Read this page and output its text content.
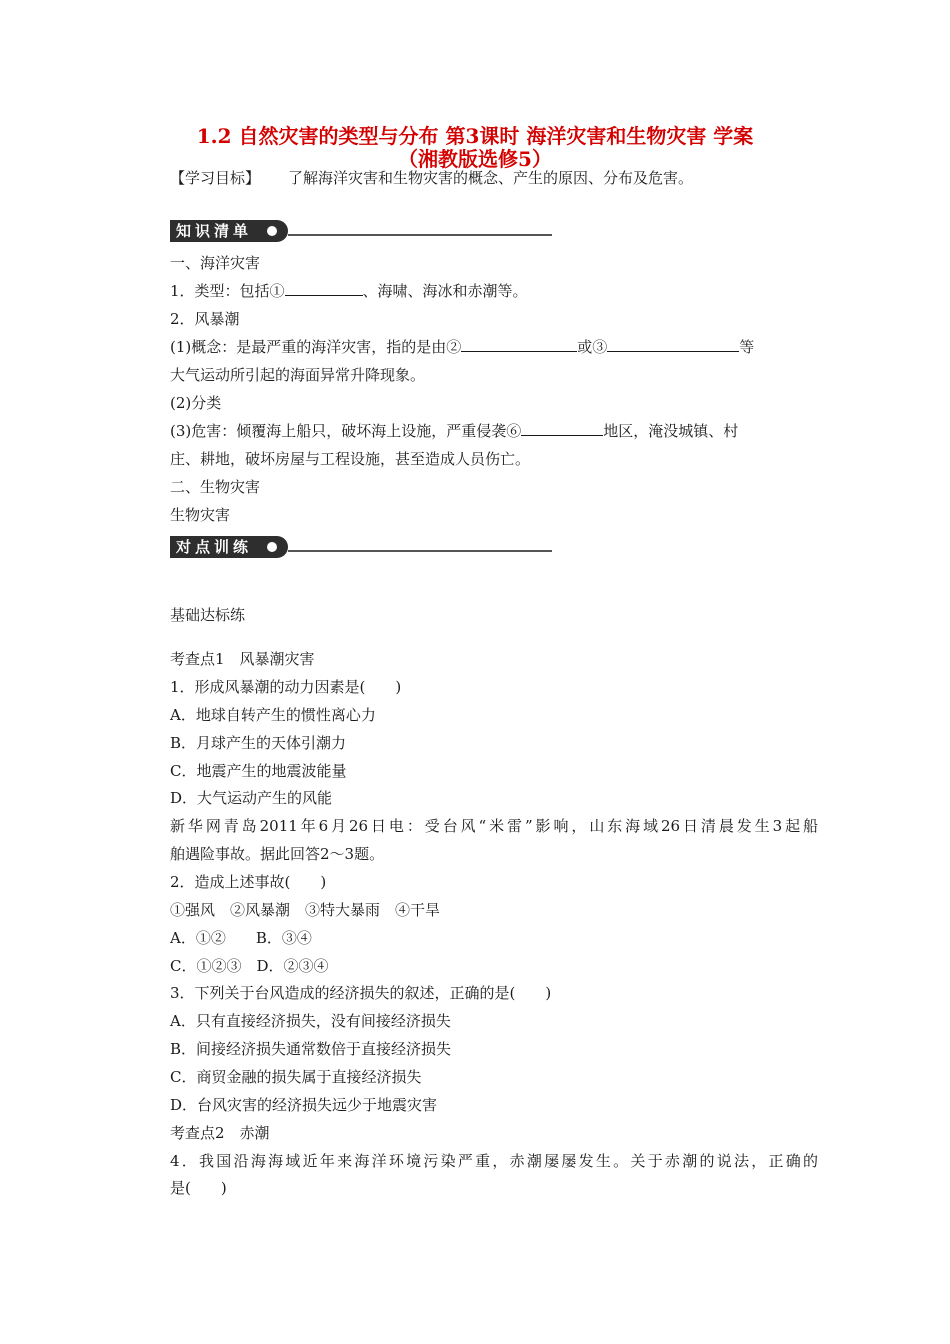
1.2 自然灾害的类型与分布 第3课时 海洋灾害和生物灾害 学案
（湘教版选修5）
【学习目标】 了解海洋灾害和生物灾害的概念、产生的原因、分布及危害。
知识清单
一、海洋灾害
1．类型：包括①	、海啸、海冰和赤潮等。
2．风暴潮
(1)概念：是最严重的海洋灾害，指的是由②	或③	等
大气运动所引起的海面异常升降现象。
(2)分类
(3)危害：倾覆海上船只，破坏海上设施，严重侵袭⑥	地区，淹没城镇、村
庄、耕地，破坏房屋与工程设施，甚至造成人员伤亡。
二、生物灾害
生物灾害
对点训练
基础达标练
考查点1　风暴潮灾害
1．形成风暴潮的动力因素是(　　)
A．地球自转产生的惯性离心力
B．月球产生的天体引潮力
C．地震产生的地震波能量
D．大气运动产生的风能
新华网青岛2011年6月26日电：受台风“米雷”影响，山东海域26日清晨发生3起船
舶遇险事故。据此回答2～3题。
2．造成上述事故(　　)
①强风　②风暴潮　③特大暴雨　④干旱
A．①②　　B．③④
C．①②③　D．②③④
3．下列关于台风造成的经济损失的叙述，正确的是(　　)
A．只有直接经济损失，没有间接经济损失
B．间接经济损失通常数倍于直接经济损失
C．商贸金融的损失属于直接经济损失
D．台风灾害的经济损失远少于地震灾害
考查点2　赤潮
4．我国沿海海域近年来海洋环境污染严重，赤潮屡屡发生。关于赤潮的说法，正确的
是(　　)
